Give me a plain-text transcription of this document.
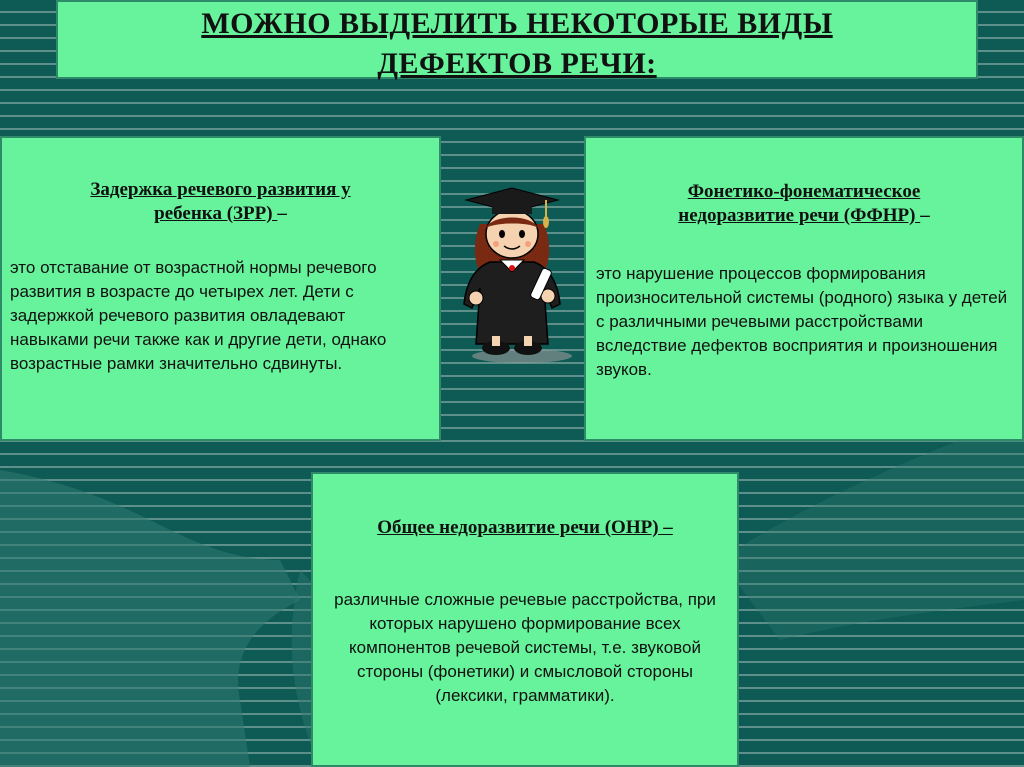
МОЖНО ВЫДЕЛИТЬ НЕКОТОРЫЕ ВИДЫ
ДЕФЕКТОВ РЕЧИ:

Задержка речевого развития у
ребенка (ЗРР) –

это отставание от возрастной нормы речевого развития в возрасте до четырех лет. Дети с задержкой речевого развития овладевают навыками речи также как и другие дети, однако возрастные рамки значительно сдвинуты.

Фонетико-фонематическое
недоразвитие речи (ФФНР) –

это нарушение процессов формирования произносительной системы (родного) языка у детей с различными речевыми расстройствами вследствие дефектов восприятия и произношения звуков.

Общее недоразвитие речи (ОНР) –

различные сложные речевые расстройства, при которых нарушено формирование всех компонентов речевой системы, т.е. звуковой стороны (фонетики) и смысловой стороны (лексики, грамматики).
